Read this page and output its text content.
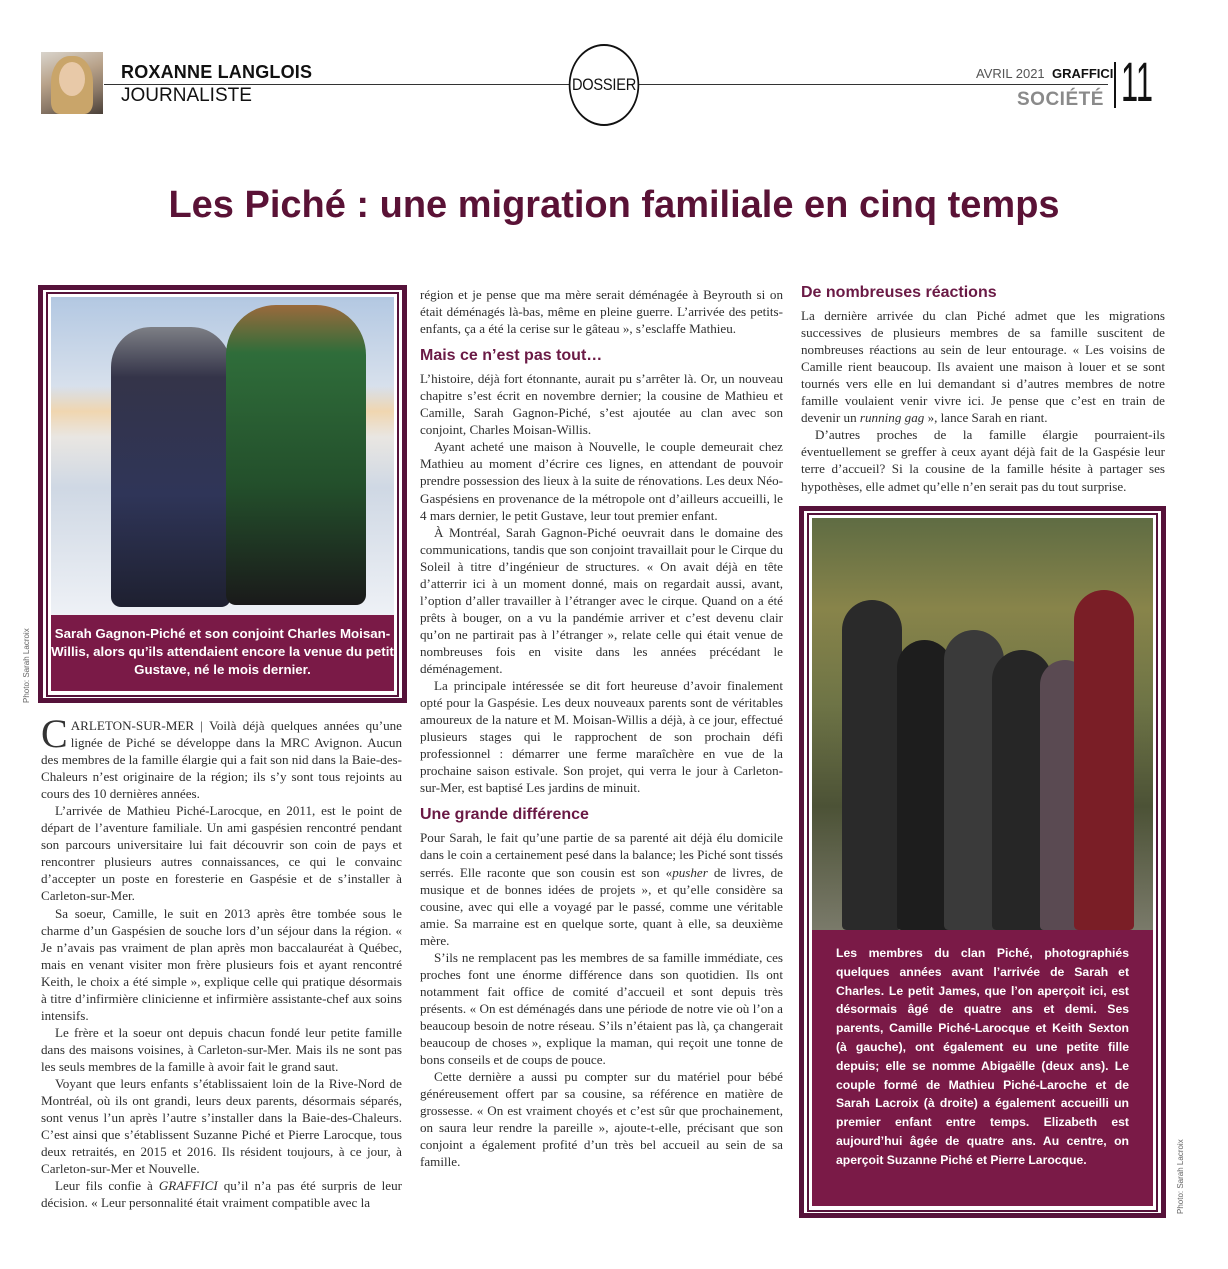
ROXANNE LANGLOIS
JOURNALISTE
DOSSIER
AVRIL 2021 GRAFFICI
SOCIÉTÉ 11
Les Piché : une migration familiale en cinq temps
Sarah Gagnon-Piché et son conjoint Charles Moisan-Willis, alors qu’ils attendaient encore la venue du petit Gustave, né le mois dernier.
Photo: Sarah Lacroix

CARLETON-SUR-MER | Voilà déjà quelques années qu’une lignée de Piché se développe dans la MRC Avignon. Aucun des membres de la famille élargie qui a fait son nid dans la Baie-des-Chaleurs n’est originaire de la région; ils s’y sont tous rejoints au cours des 10 dernières années.

L’arrivée de Mathieu Piché-Larocque, en 2011, est le point de départ de l’aventure familiale. Un ami gaspésien rencontré pendant son parcours universitaire lui fait découvrir son coin de pays et rencontrer plusieurs autres connaissances, ce qui le convainc d’accepter un poste en foresterie en Gaspésie et de s’installer à Carleton-sur-Mer.

Sa soeur, Camille, le suit en 2013 après être tombée sous le charme d’un Gaspésien de souche lors d’un séjour dans la région. « Je n’avais pas vraiment de plan après mon baccalauréat à Québec, mais en venant visiter mon frère plusieurs fois et ayant rencontré Keith, le choix a été simple », explique celle qui pratique désormais à titre d’infirmière clinicienne et infirmière assistante-chef aux soins intensifs.

Le frère et la soeur ont depuis chacun fondé leur petite famille dans des maisons voisines, à Carleton-sur-Mer. Mais ils ne sont pas les seuls membres de la famille à avoir fait le grand saut.

Voyant que leurs enfants s’établissaient loin de la Rive-Nord de Montréal, où ils ont grandi, leurs deux parents, désormais séparés, sont venus l’un après l’autre s’installer dans la Baie-des-Chaleurs. C’est ainsi que s’établissent Suzanne Piché et Pierre Larocque, tous deux retraités, en 2015 et 2016. Ils résident toujours, à ce jour, à Carleton-sur-Mer et Nouvelle.

Leur fils confie à GRAFFICI qu’il n’a pas été surpris de leur décision. « Leur personnalité était vraiment compatible avec la

région et je pense que ma mère serait déménagée à Beyrouth si on était déménagés là-bas, même en pleine guerre. L’arrivée des petits-enfants, ça a été la cerise sur le gâteau », s’esclaffe Mathieu.

Mais ce n’est pas tout…

L’histoire, déjà fort étonnante, aurait pu s’arrêter là. Or, un nouveau chapitre s’est écrit en novembre dernier; la cousine de Mathieu et Camille, Sarah Gagnon-Piché, s’est ajoutée au clan avec son conjoint, Charles Moisan-Willis.

Ayant acheté une maison à Nouvelle, le couple demeurait chez Mathieu au moment d’écrire ces lignes, en attendant de pouvoir prendre possession des lieux à la suite de rénovations. Les deux Néo-Gaspésiens en provenance de la métropole ont d’ailleurs accueilli, le 4 mars dernier, le petit Gustave, leur tout premier enfant.

À Montréal, Sarah Gagnon-Piché oeuvrait dans le domaine des communications, tandis que son conjoint travaillait pour le Cirque du Soleil à titre d’ingénieur de structures. « On avait déjà en tête d’atterrir ici à un moment donné, mais on regardait aussi, avant, l’option d’aller travailler à l’étranger avec le cirque. Quand on a été prêts à bouger, on a vu la pandémie arriver et c’est devenu clair qu’on ne partirait pas à l’étranger », relate celle qui était venue de nombreuses fois en visite dans les années précédant le déménagement.

La principale intéressée se dit fort heureuse d’avoir finalement opté pour la Gaspésie. Les deux nouveaux parents sont de véritables amoureux de la nature et M. Moisan-Willis a déjà, à ce jour, effectué plusieurs stages qui le rapprochent de son prochain défi professionnel : démarrer une ferme maraîchère en vue de la prochaine saison estivale. Son projet, qui verra le jour à Carleton-sur-Mer, est baptisé Les jardins de minuit.

Une grande différence

Pour Sarah, le fait qu’une partie de sa parenté ait déjà élu domicile dans le coin a certainement pesé dans la balance; les Piché sont tissés serrés. Elle raconte que son cousin est son «pusher de livres, de musique et de bonnes idées de projets », et qu’elle considère sa cousine, avec qui elle a voyagé par le passé, comme une véritable amie. Sa marraine est en quelque sorte, quant à elle, sa deuxième mère.

S’ils ne remplacent pas les membres de sa famille immédiate, ces proches font une énorme différence dans son quotidien. Ils ont notamment fait office de comité d’accueil et sont depuis très présents. « On est déménagés dans une période de notre vie où l’on a beaucoup besoin de notre réseau. S’ils n’étaient pas là, ça changerait beaucoup de choses », explique la maman, qui reçoit une tonne de bons conseils et de coups de pouce.

Cette dernière a aussi pu compter sur du matériel pour bébé généreusement offert par sa cousine, sa référence en matière de grossesse. « On est vraiment choyés et c’est sûr que prochainement, on saura leur rendre la pareille », ajoute-t-elle, précisant que son conjoint a également profité d’un très bel accueil au sein de sa famille.

De nombreuses réactions

La dernière arrivée du clan Piché admet que les migrations successives de plusieurs membres de sa famille suscitent de nombreuses réactions au sein de leur entourage. « Les voisins de Camille rient beaucoup. Ils avaient une maison à louer et se sont tournés vers elle en lui demandant si d’autres membres de notre famille voulaient venir vivre ici. Je pense que c’est en train de devenir un running gag », lance Sarah en riant.

D’autres proches de la famille élargie pourraient-ils éventuellement se greffer à ceux ayant déjà fait de la Gaspésie leur terre d’accueil? Si la cousine de la famille hésite à partager ses hypothèses, elle admet qu’elle n’en serait pas du tout surprise.

Les membres du clan Piché, photographiés quelques années avant l’arrivée de Sarah et Charles. Le petit James, que l’on aperçoit ici, est désormais âgé de quatre ans et demi. Ses parents, Camille Piché-Larocque et Keith Sexton (à gauche), ont également eu une petite fille depuis; elle se nomme Abigaëlle (deux ans). Le couple formé de Mathieu Piché-Laroche et de Sarah Lacroix (à droite) a également accueilli un premier enfant entre temps. Elizabeth est aujourd’hui âgée de quatre ans. Au centre, on aperçoit Suzanne Piché et Pierre Larocque.	Photo: Sarah Lacroix
